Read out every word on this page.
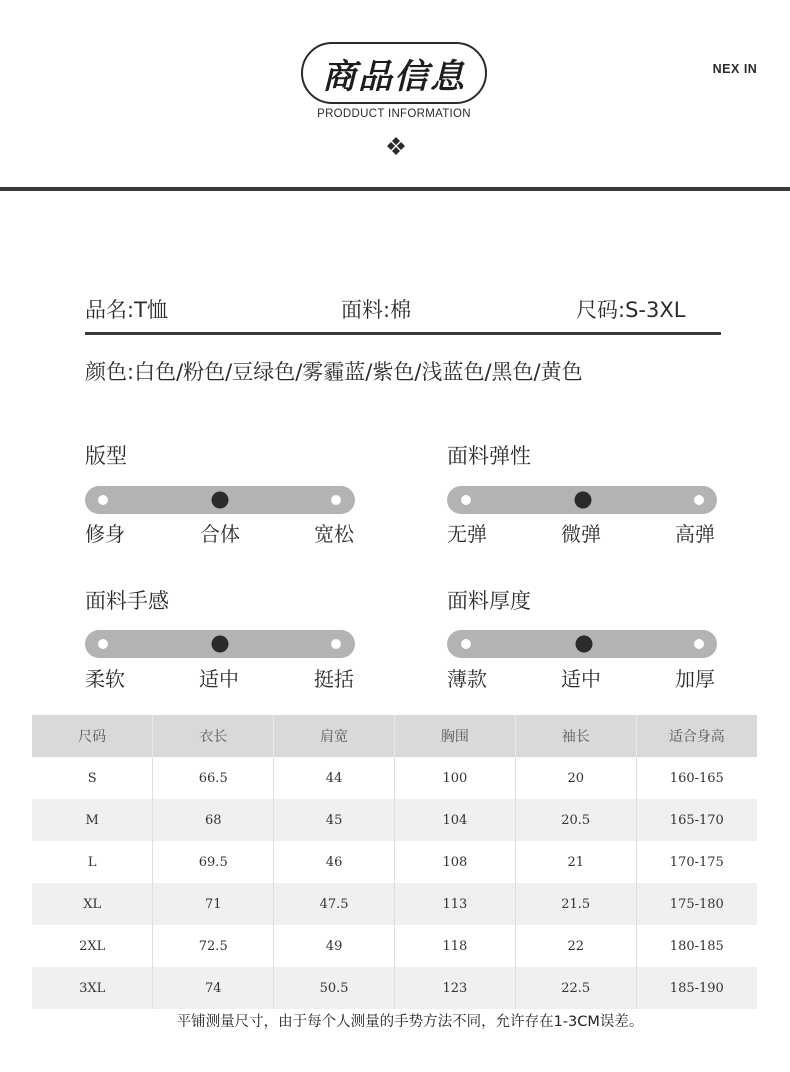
商品信息
PRODDUCT INFORMATION
NEX IN
品名:T恤	面料:棉	尺码:S-3XL
颜色:白色/粉色/豆绿色/雾霾蓝/紫色/浅蓝色/黑色/黄色
版型
修身	合体	宽松
面料弹性
无弹	微弹	高弹
面料手感
柔软	适中	挺括
面料厚度
薄款	适中	加厚
尺码	衣长	肩宽	胸围	袖长	适合身高
S	66.5	44	100	20	160-165
M	68	45	104	20.5	165-170
L	69.5	46	108	21	170-175
XL	71	47.5	113	21.5	175-180
2XL	72.5	49	118	22	180-185
3XL	74	50.5	123	22.5	185-190
平铺测量尺寸，由于每个人测量的手势方法不同，允许存在1-3CM误差。
